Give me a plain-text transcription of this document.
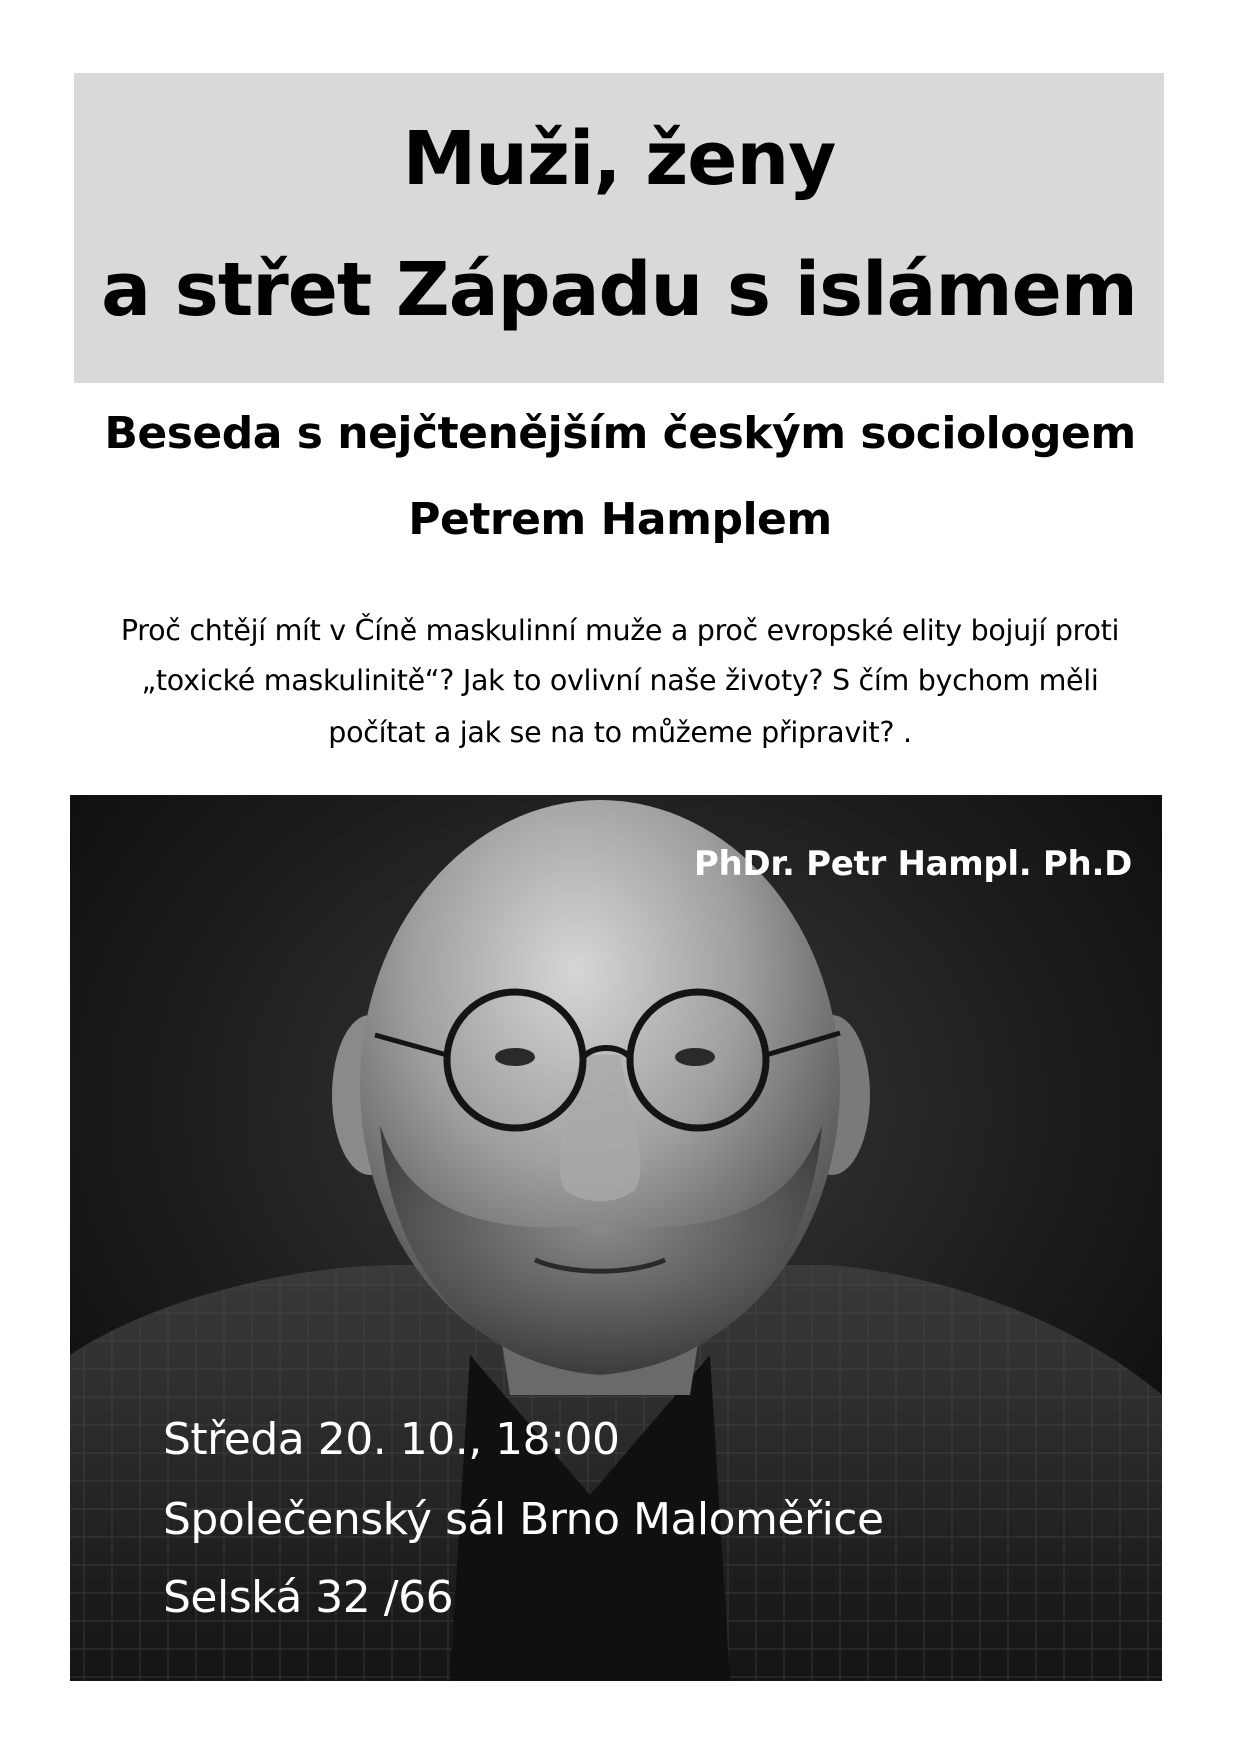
Muži, ženy
a střet Západu s islámem
Beseda s nejčtenějším českým sociologem
Petrem Hamplem
Proč chtějí mít v Číně maskulinní muže a proč evropské elity bojují proti
„toxické maskulinitě“? Jak to ovlivní naše životy? S čím bychom měli
počítat a jak se na to můžeme připravit? .
PhDr. Petr Hampl. Ph.D
Středa 20. 10., 18:00
Společenský sál Brno Maloměřice
Selská 32 /66
